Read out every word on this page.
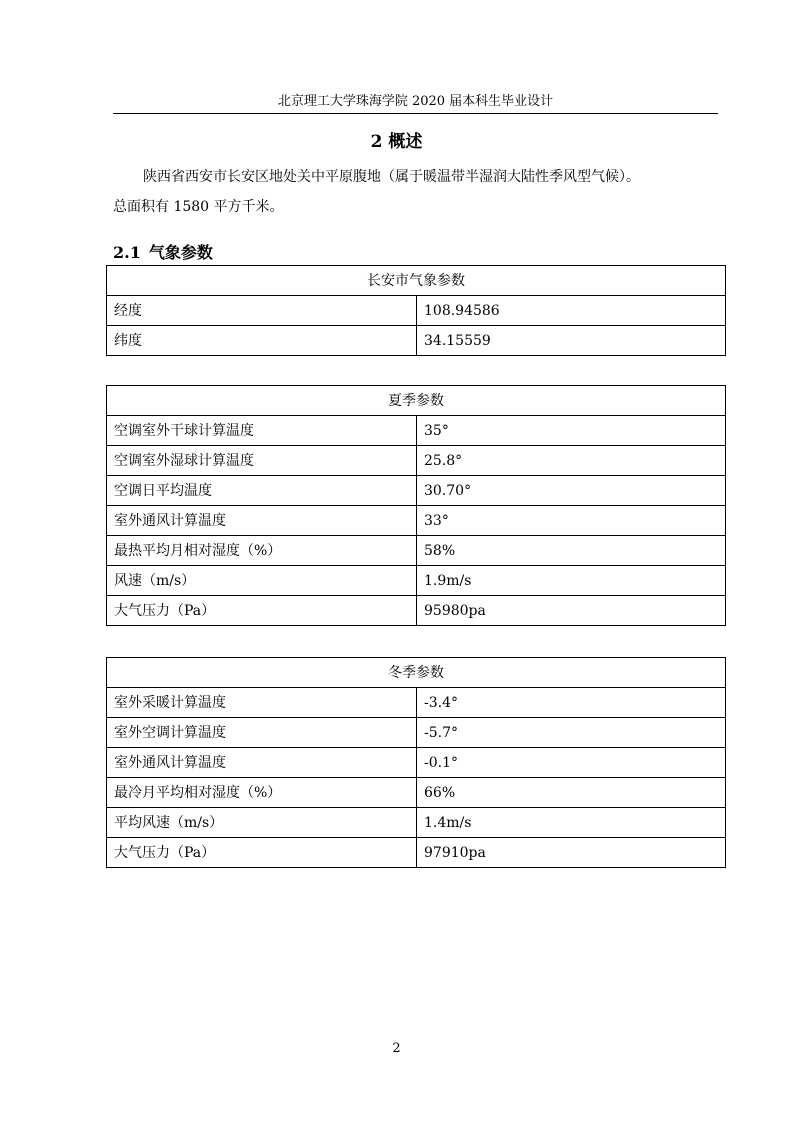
北京理工大学珠海学院 2020 届本科生毕业设计
2 概述

陕西省西安市长安区地处关中平原腹地（属于暖温带半湿润大陆性季风型气候）。
总面积有 1580 平方千米。

2.1 气象参数
长安市气象参数	
经度	108.94586
纬度	34.15559
夏季参数	
空调室外干球计算温度	35°
空调室外湿球计算温度	25.8°
空调日平均温度	30.70°
室外通风计算温度	33°
最热平均月相对湿度（%）	58%
风速（m/s）	1.9m/s
大气压力（Pa）	95980pa
冬季参数	
室外采暖计算温度	-3.4°
室外空调计算温度	-5.7°
室外通风计算温度	-0.1°
最冷月平均相对湿度（%）	66%
平均风速（m/s）	1.4m/s
大气压力（Pa）	97910pa
2
